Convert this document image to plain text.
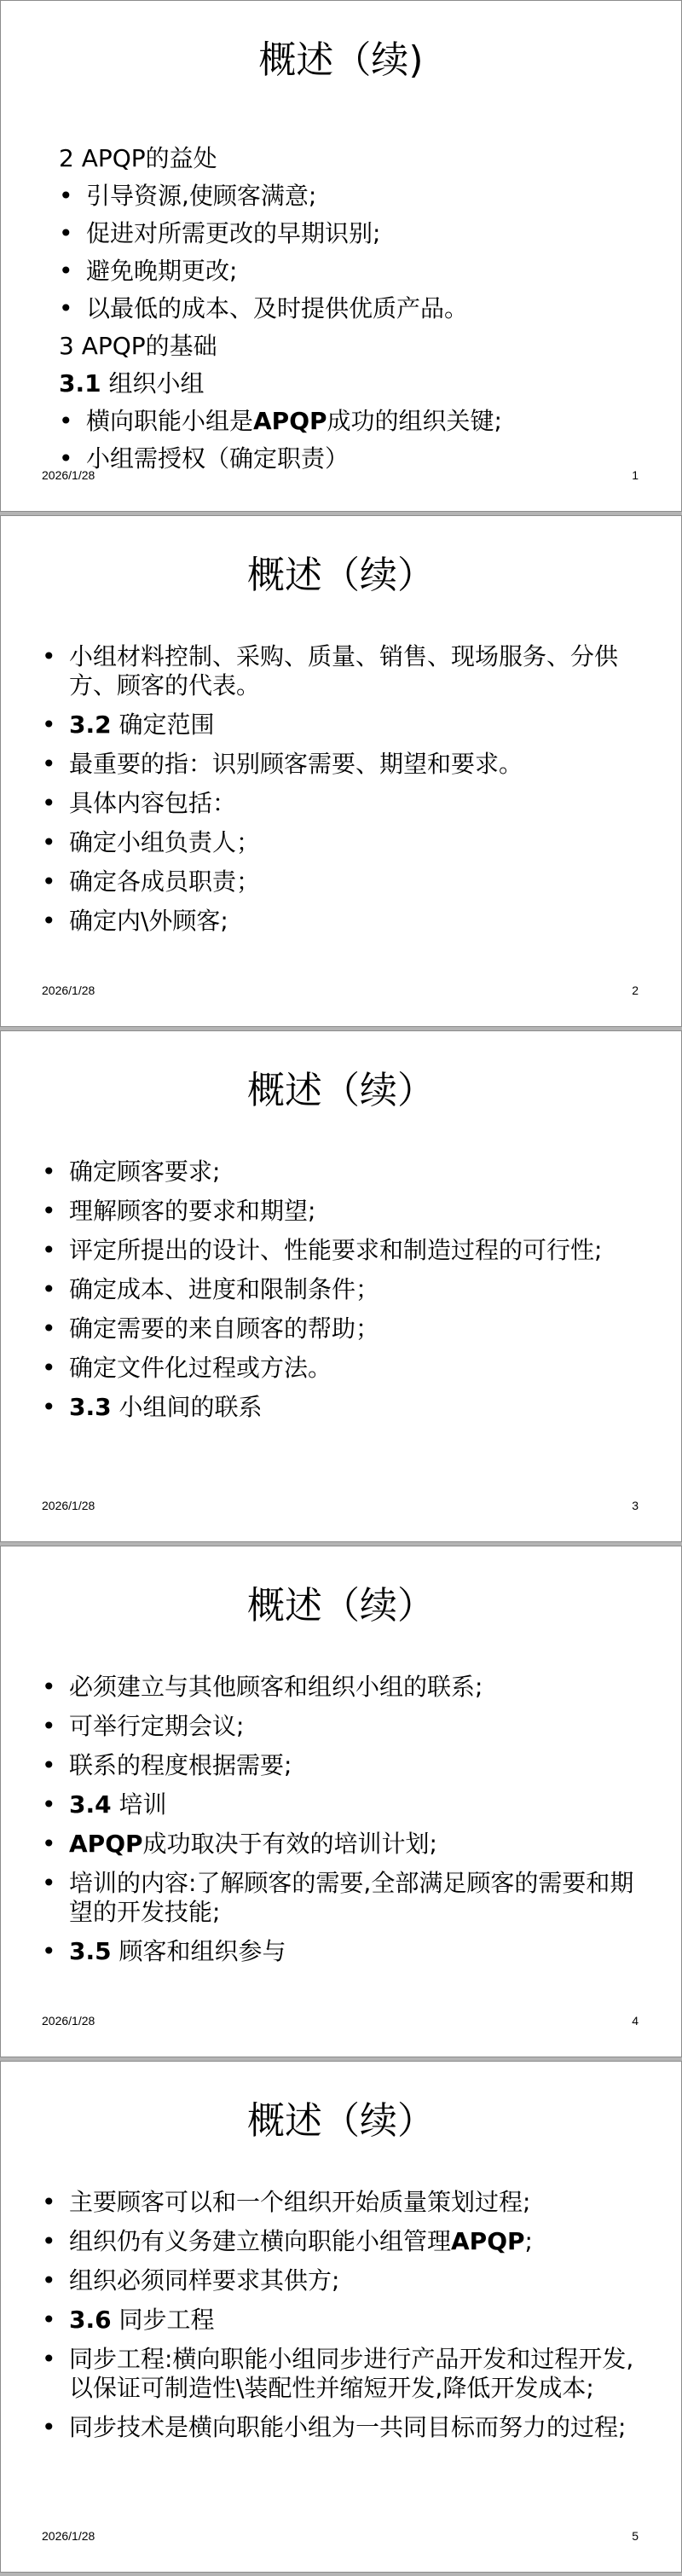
概述（续)
2 APQP的益处
• 引导资源,使顾客满意;
• 促进对所需更改的早期识别;
• 避免晚期更改;
• 以最低的成本、及时提供优质产品。
3 APQP的基础
3.1 组织小组
• 横向职能小组是APQP成功的组织关键;
• 小组需授权（确定职责）
2026/1/28	1
概述（续）
• 小组材料控制、采购、质量、销售、现场服务、分供方、顾客的代表。
• 3.2 确定范围
• 最重要的指：识别顾客需要、期望和要求。
• 具体内容包括：
• 确定小组负责人；
• 确定各成员职责；
• 确定内\外顾客;
2026/1/28	2
概述（续）
• 确定顾客要求;
• 理解顾客的要求和期望;
• 评定所提出的设计、性能要求和制造过程的可行性;
• 确定成本、进度和限制条件；
• 确定需要的来自顾客的帮助；
• 确定文件化过程或方法。
• 3.3 小组间的联系
2026/1/28	3
概述（续）
• 必须建立与其他顾客和组织小组的联系;
• 可举行定期会议;
• 联系的程度根据需要;
• 3.4 培训
• APQP成功取决于有效的培训计划;
• 培训的内容:了解顾客的需要,全部满足顾客的需要和期望的开发技能;
• 3.5 顾客和组织参与
2026/1/28	4
概述（续）
• 主要顾客可以和一个组织开始质量策划过程;
• 组织仍有义务建立横向职能小组管理APQP;
• 组织必须同样要求其供方;
• 3.6 同步工程
• 同步工程:横向职能小组同步进行产品开发和过程开发,以保证可制造性\装配性并缩短开发,降低开发成本;
• 同步技术是横向职能小组为一共同目标而努力的过程;
2026/1/28	5
